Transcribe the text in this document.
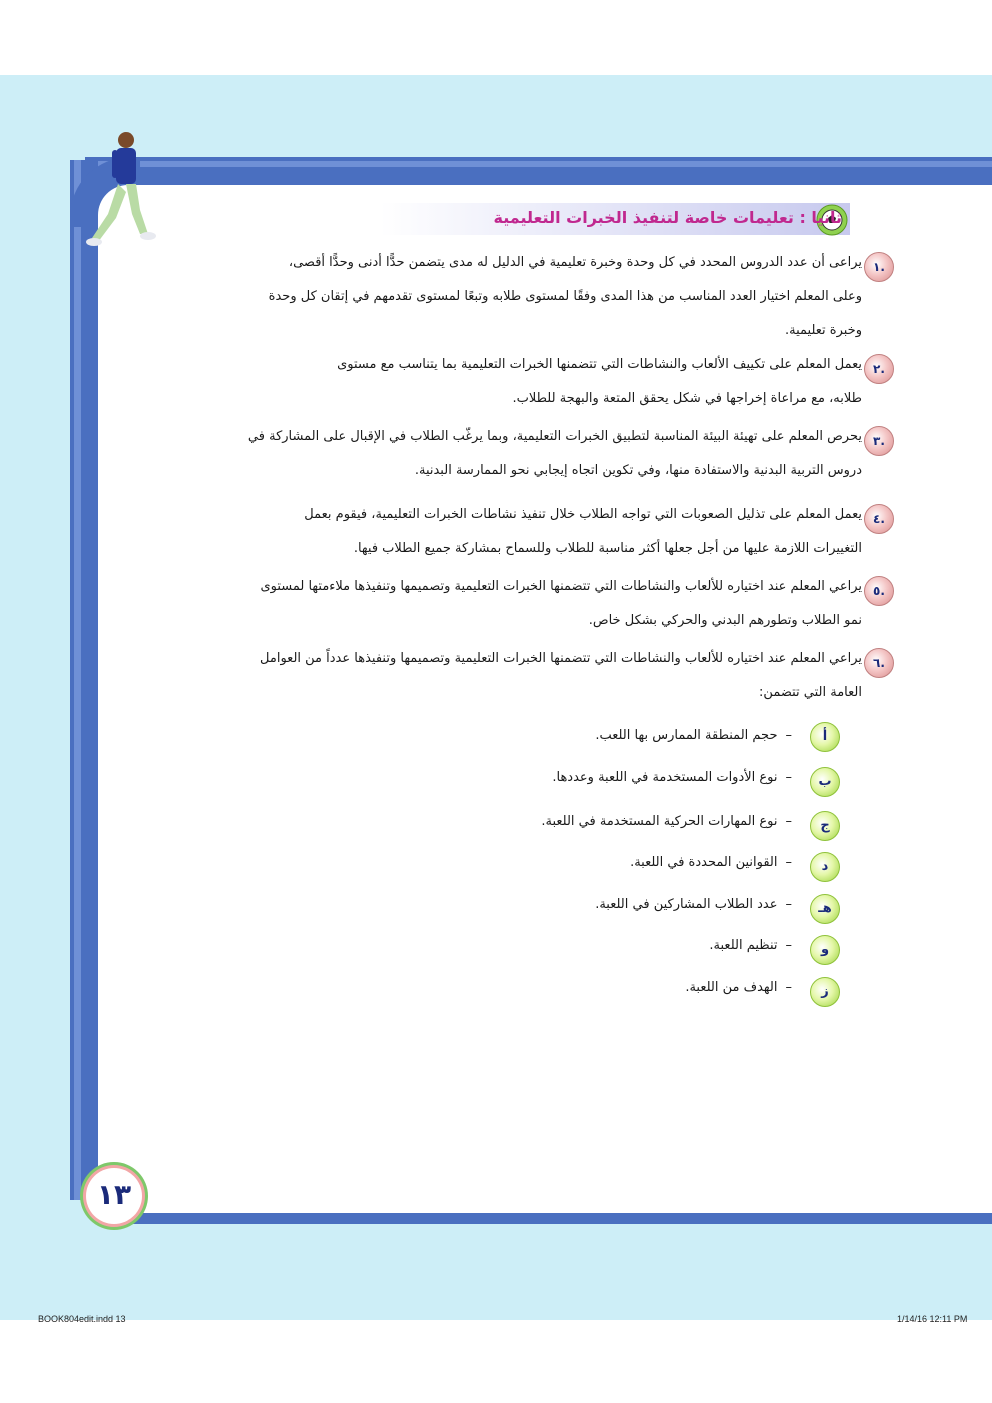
ثانيا : تعليمات خاصة لتنفيذ الخبرات التعليمية
١.
يراعى أن عدد الدروس المحدد في كل وحدة وخبرة تعليمية في الدليل له مدى يتضمن حدًّا أدنى وحدًّا أقصى، وعلى المعلم اختيار العدد المناسب من هذا المدى وفقًا لمستوى طلابه وتبعًا لمستوى تقدمهم في إتقان كل وحدة وخبرة تعليمية.
٢.
يعمل المعلم على تكييف الألعاب والنشاطات التي تتضمنها الخبرات التعليمية بما يتناسب مع مستوى طلابه، مع مراعاة إخراجها في شكل يحقق المتعة والبهجة للطلاب.
٣.
يحرص المعلم على تهيئة البيئة المناسبة لتطبيق الخبرات التعليمية، وبما يرغّب الطلاب في الإقبال على المشاركة في دروس التربية البدنية والاستفادة منها، وفي تكوين اتجاه إيجابي نحو الممارسة البدنية.
٤.
يعمل المعلم على تذليل الصعوبات التي تواجه الطلاب خلال تنفيذ نشاطات الخبرات التعليمية، فيقوم بعمل التغييرات اللازمة عليها من أجل جعلها أكثر مناسبة للطلاب وللسماح بمشاركة جميع الطلاب فيها.
٥.
يراعي المعلم عند اختياره للألعاب والنشاطات التي تتضمنها الخبرات التعليمية وتصميمها وتنفيذها ملاءمتها لمستوى نمو الطلاب وتطورهم البدني والحركي بشكل خاص.
٦.
يراعي المعلم عند اختياره للألعاب والنشاطات التي تتضمنها الخبرات التعليمية وتصميمها وتنفيذها عدداً من العوامل العامة التي تتضمن:
أ
–حجم المنطقة الممارس بها اللعب.
ب
–نوع الأدوات المستخدمة في اللعبة وعددها.
ج
–نوع المهارات الحركية المستخدمة في اللعبة.
د
–القوانين المحددة في اللعبة.
هـ
–عدد الطلاب المشاركين في اللعبة.
و
–تنظيم اللعبة.
ز
–الهدف من اللعبة.
١٣
BOOK804edit.indd 13	1/14/16 12:11 PM
